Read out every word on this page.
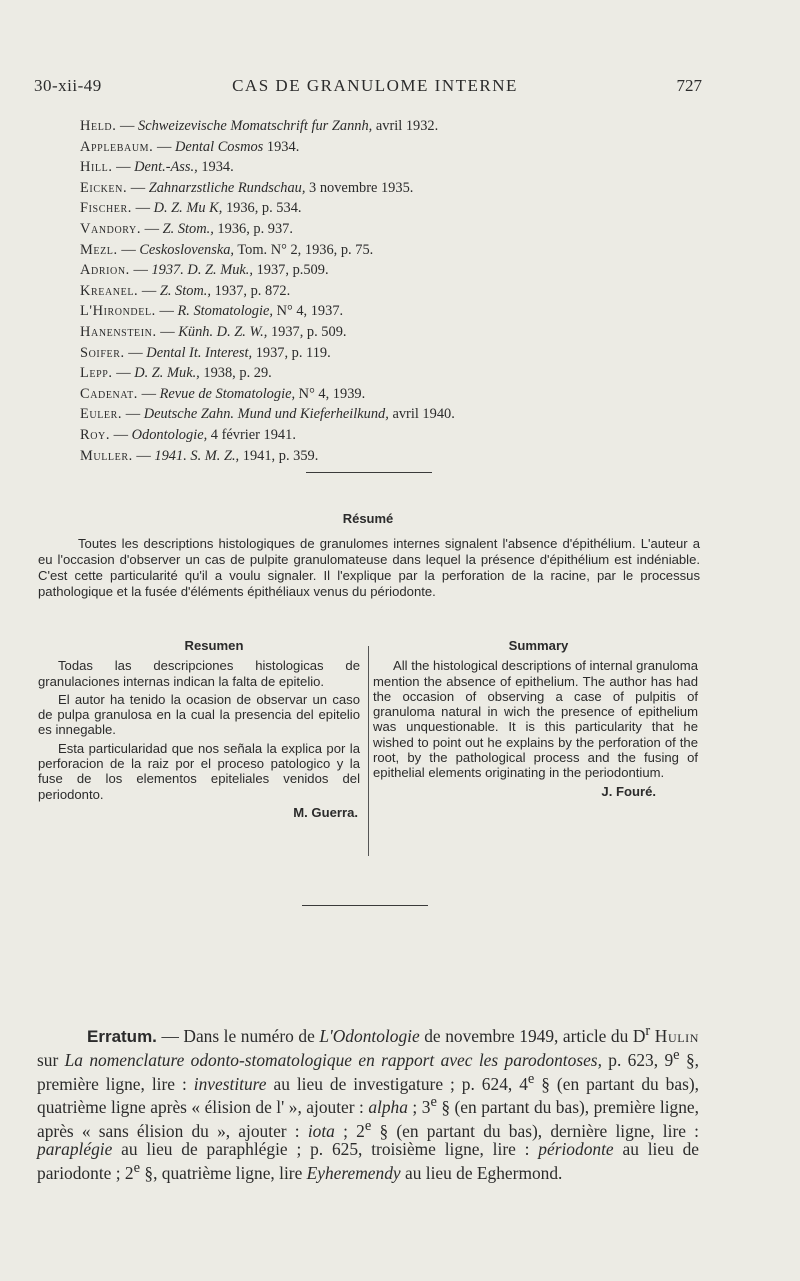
30-xii-49	CAS DE GRANULOME INTERNE	727
Held. — Schweizevische Momatschrift fur Zannh, avril 1932.
Applebaum. — Dental Cosmos 1934.
Hill. — Dent.-Ass., 1934.
Eicken. — Zahnarzstliche Rundschau, 3 novembre 1935.
Fischer. — D. Z. Mu K, 1936, p. 534.
Vandory. — Z. Stom., 1936, p. 937.
Mezl. — Ceskoslovenska, Tom. N° 2, 1936, p. 75.
Adrion. — 1937. D. Z. Muk., 1937, p.509.
Kreanel. — Z. Stom., 1937, p. 872.
L'Hirondel. — R. Stomatologie, N° 4, 1937.
Hanenstein. — Künh. D. Z. W., 1937, p. 509.
Soifer. — Dental It. Interest, 1937, p. 119.
Lepp. — D. Z. Muk., 1938, p. 29.
Cadenat. — Revue de Stomatologie, N° 4, 1939.
Euler. — Deutsche Zahn. Mund und Kieferheilkund, avril 1940.
Roy. — Odontologie, 4 février 1941.
Muller. — 1941. S. M. Z., 1941, p. 359.
Résumé
Toutes les descriptions histologiques de granulomes internes signalent l'absence d'épithélium. L'auteur a eu l'occasion d'observer un cas de pulpite granulomateuse dans lequel la présence d'épithélium est indéniable. C'est cette particularité qu'il a voulu signaler. Il l'explique par la perforation de la racine, par le processus pathologique et la fusée d'éléments épithéliaux venus du périodonte.
Resumen

Todas las descripciones histologicas de granulaciones internas indican la falta de epitelio.

El autor ha tenido la ocasion de observar un caso de pulpa granulosa en la cual la presencia del epitelio es innegable.

Esta particularidad que nos señala la explica por la perforacion de la raiz por el proceso patologico y la fuse de los elementos epiteliales venidos del periodonto.

M. Guerra.
Summary

All the histological descriptions of internal granuloma mention the absence of epithelium. The author has had the occasion of observing a case of pulpitis of granuloma natural in wich the presence of epithelium was unquestionable. It is this particularity that he wished to point out he explains by the perforation of the root, by the pathological process and the fusing of epithelial elements originating in the periodontium.

J. Fouré.
Erratum. — Dans le numéro de L'Odontologie de novembre 1949, article du $D^r$ Hulin sur La nomenclature odonto-stomatologique en rapport avec les parodontoses, p. 623, 9e §, première ligne, lire : investiture au lieu de investigature ; p. 624, 4e § (en partant du bas), quatrième ligne après « élision de l' », ajouter : alpha ; 3e § (en partant du bas), première ligne, après « sans élision du », ajouter : iota ; 2e § (en partant du bas), dernière ligne, lire : paraplégie au lieu de paraphlégie ; p. 625, troisième ligne, lire : périodonte au lieu de pariodonte ; 2e §, quatrième ligne, lire Eyheremendy au lieu de Eghermond.
